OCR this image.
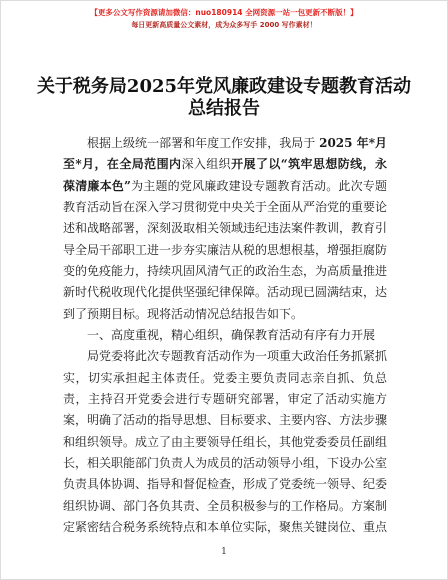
【更多公文写作资源请加微信：nuo180914 全网资源一站一包更新不断版！】
每日更新高质量公文素材，成为众多写手 2000 写作素材！
关于税务局2025年党风廉政建设专题教育活动
总结报告
根据上级统一部署和年度工作安排，我局于 2025 年*月
至*月，在全局范围内深入组织开展了以“筑牢思想防线，永
葆清廉本色”为主题的党风廉政建设专题教育活动。此次专题
教育活动旨在深入学习贯彻党中央关于全面从严治党的重要论
述和战略部署，深刻汲取相关领域违纪违法案件教训，教育引
导全局干部职工进一步夯实廉洁从税的思想根基，增强拒腐防
变的免疫能力，持续巩固风清气正的政治生态，为高质量推进
新时代税收现代化提供坚强纪律保障。活动现已圆满结束，达
到了预期目标。现将活动情况总结报告如下。
一、高度重视，精心组织，确保教育活动有序有力开展
局党委将此次专题教育活动作为一项重大政治任务抓紧抓
实，切实承担起主体责任。党委主要负责同志亲自抓、负总
责，主持召开党委会进行专题研究部署，审定了活动实施方
案，明确了活动的指导思想、目标要求、主要内容、方法步骤
和组织领导。成立了由主要领导任组长，其他党委委员任副组
长，相关职能部门负责人为成员的活动领导小组，下设办公室
负责具体协调、指导和督促检查，形成了党委统一领导、纪委
组织协调、部门各负其责、全员积极参与的工作格局。方案制
定紧密结合税务系统特点和本单位实际，聚焦关键岗位、重点
1
